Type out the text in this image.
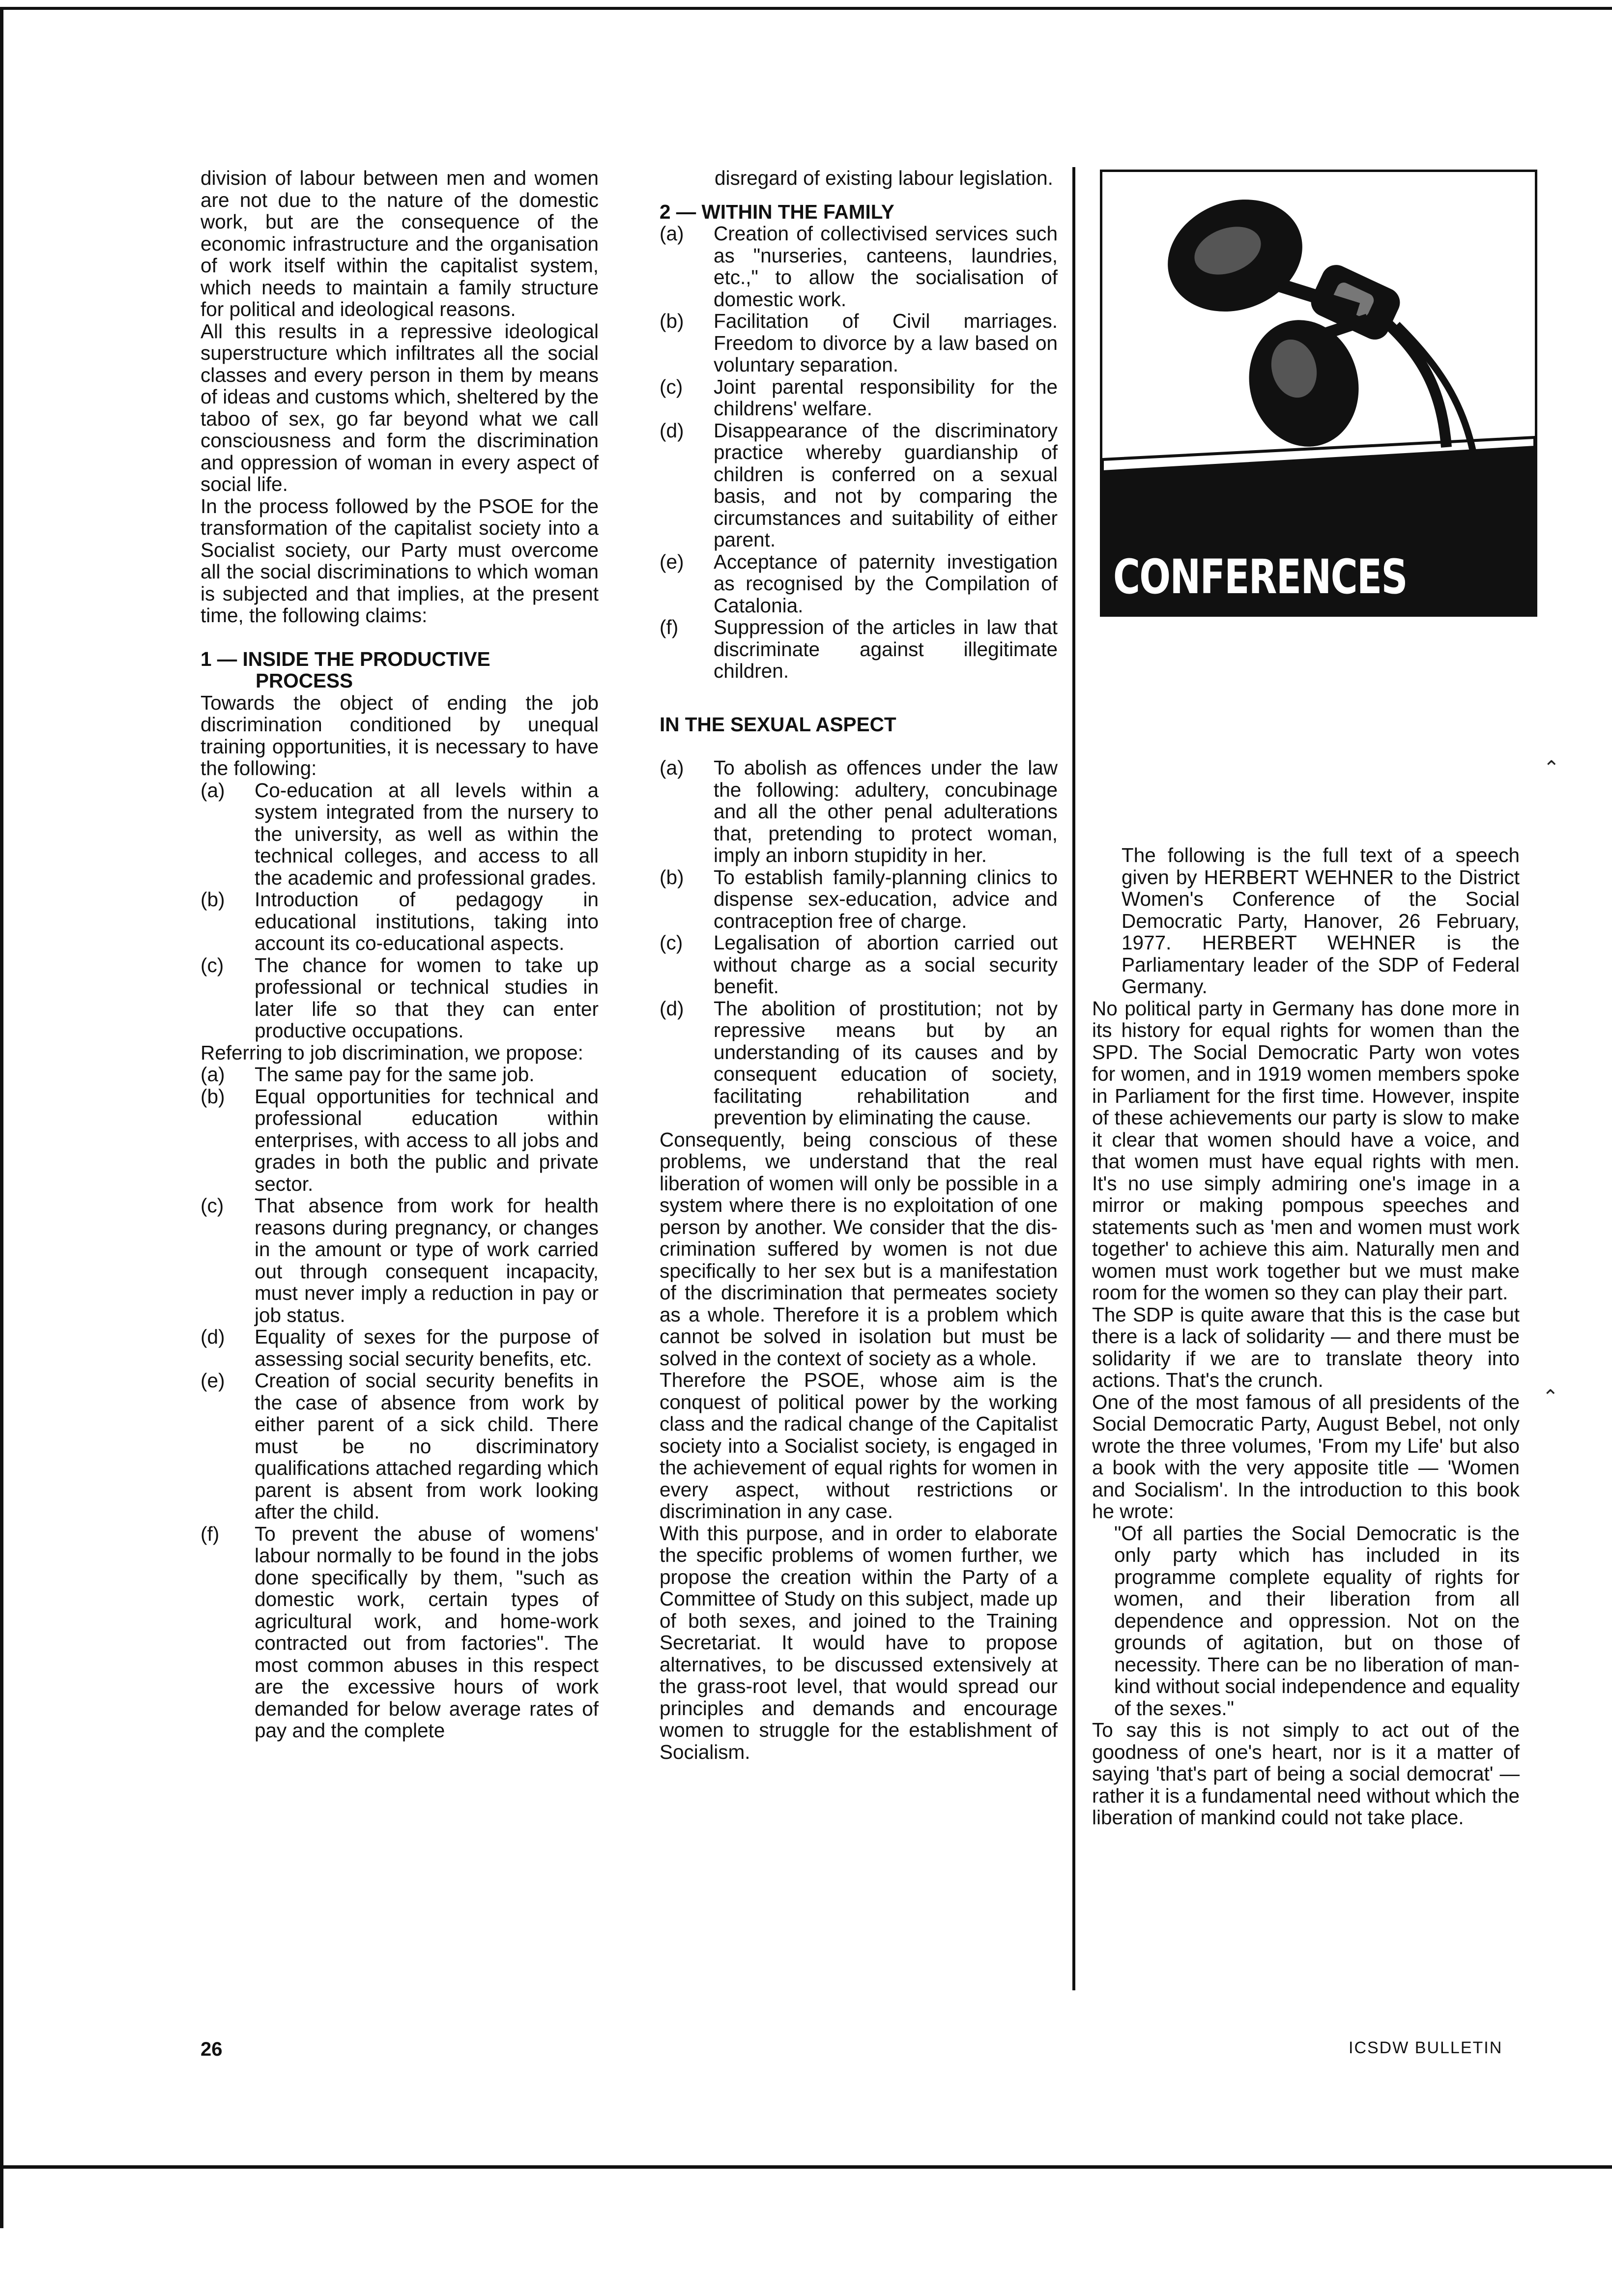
division of labour between men and women are not due to the nature of the domestic work, but are the consequence of the economic infrastructure and the organisation of work itself within the capitalist system, which needs to maintain a family structure for political and ideological reasons.

All this results in a repressive ideological superstructure which infiltrates all the social classes and every person in them by means of ideas and customs which, sheltered by the taboo of sex, go far beyond what we call consciousness and form the discrimination and oppression of woman in every aspect of social life.

In the process followed by the PSOE for the transformation of the capitalist society into a Socialist society, our Party must overcome all the social discriminations to which woman is subjected and that implies, at the present time, the following claims:

1 — INSIDE THE PRODUCTIVE

PROCESS

Towards the object of ending the job discrimination conditioned by unequal training opportunities, it is necessary to have the following:

(a)	Co-education at all levels within a system integrated from the nursery to the university, as well as within the technical colleges, and access to all the academic and professional grades.
(b)	Introduction of pedagogy in educational institutions, taking into account its co-educational aspects.
(c)	The chance for women to take up professional or technical studies in later life so that they can enter productive occupations.

Referring to job discrimination, we propose:

(a)	The same pay for the same job.
(b)	Equal opportunities for technical and professional education within enterprises, with access to all jobs and grades in both the public and private sector.
(c)	That absence from work for health reasons during pregnancy, or changes in the amount or type of work carried out through consequent incapacity, must never imply a reduction in pay or job status.
(d)	Equality of sexes for the purpose of assessing social security benefits, etc.
(e)	Creation of social security benefits in the case of absence from work by either parent of a sick child. There must be no discriminatory qualifications attached regarding which parent is absent from work looking after the child.
(f)	To prevent the abuse of womens' labour normally to be found in the jobs done specifically by them, "such as domestic work, certain types of agricultural work, and home-work contracted out from factories". The most common abuses in this respect are the excessive hours of work demanded for below average rates of pay and the complete

disregard of existing labour legislation.

2 — WITHIN THE FAMILY

(a)	Creation of collectivised services such as "nurseries, canteens, laundries, etc.," to allow the socialisation of domestic work.
(b)	Facilitation of Civil marriages. Freedom to divorce by a law based on voluntary separation.
(c)	Joint parental responsibility for the childrens' welfare.
(d)	Disappearance of the discriminatory practice whereby guardianship of children is conferred on a sexual basis, and not by comparing the circumstances and suitability of either parent.
(e)	Acceptance of paternity investigation as recognised by the Compilation of Catalonia.
(f)	Suppression of the articles in law that discriminate against illegitimate children.

IN THE SEXUAL ASPECT

(a)	To abolish as offences under the law the following: adultery, concubinage and all the other penal adulterations that, pretending to protect woman, imply an inborn stupidity in her.
(b)	To establish family-planning clinics to dispense sex-education, advice and contraception free of charge.
(c)	Legalisation of abortion carried out without charge as a social security benefit.
(d)	The abolition of prostitution; not by repressive means but by an understanding of its causes and by consequent education of society, facilitating rehabilitation and prevention by eliminating the cause.

Consequently, being conscious of these problems, we understand that the real liberation of women will only be possible in a system where there is no exploitation of one person by another. We consider that the discrimination suffered by women is not due specifically to her sex but is a manifestation of the discrimination that permeates society as a whole. Therefore it is a problem which cannot be solved in isolation but must be solved in the context of society as a whole.

Therefore the PSOE, whose aim is the conquest of political power by the working class and the radical change of the Capitalist society into a Socialist society, is engaged in the achievement of equal rights for women in every aspect, without restrictions or discrimination in any case.

With this purpose, and in order to elaborate the specific problems of women further, we propose the creation within the Party of a Committee of Study on this subject, made up of both sexes, and joined to the Training Secretariat. It would have to propose alternatives, to be discussed extensively at the grass-root level, that would spread our principles and demands and encourage women to struggle for the establishment of Socialism.

CONFERENCES

The following is the full text of a speech given by HERBERT WEHNER to the District Women's Conference of the Social Democratic Party, Hanover, 26 February, 1977. HERBERT WEHNER is the Parliamentary leader of the SDP of Federal Germany.

No political party in Germany has done more in its history for equal rights for women than the SPD. The Social Democratic Party won votes for women, and in 1919 women members spoke in Parliament for the first time. However, inspite of these achievements our party is slow to make it clear that women should have a voice, and that women must have equal rights with men. It's no use simply admiring one's image in a mirror or making pompous speeches and statements such as 'men and women must work together' to achieve this aim. Naturally men and women must work together but we must make room for the women so they can play their part.

The SDP is quite aware that this is the case but there is a lack of solidarity — and there must be solidarity if we are to translate theory into actions. That's the crunch.

One of the most famous of all presidents of the Social Democratic Party, August Bebel, not only wrote the three volumes, 'From my Life' but also a book with the very apposite title — 'Women and Socialism'. In the introduction to this book he wrote:

"Of all parties the Social Democratic is the only party which has included in its programme complete equality of rights for women, and their liberation from all dependence and oppression. Not on the grounds of agitation, but on those of necessity. There can be no liberation of mankind without social independence and equality of the sexes."

To say this is not simply to act out of the goodness of one's heart, nor is it a matter of saying 'that's part of being a social democrat' — rather it is a fundamental need without which the liberation of mankind could not take place.

⌃
⌃
26	ICSDW BULLETIN
